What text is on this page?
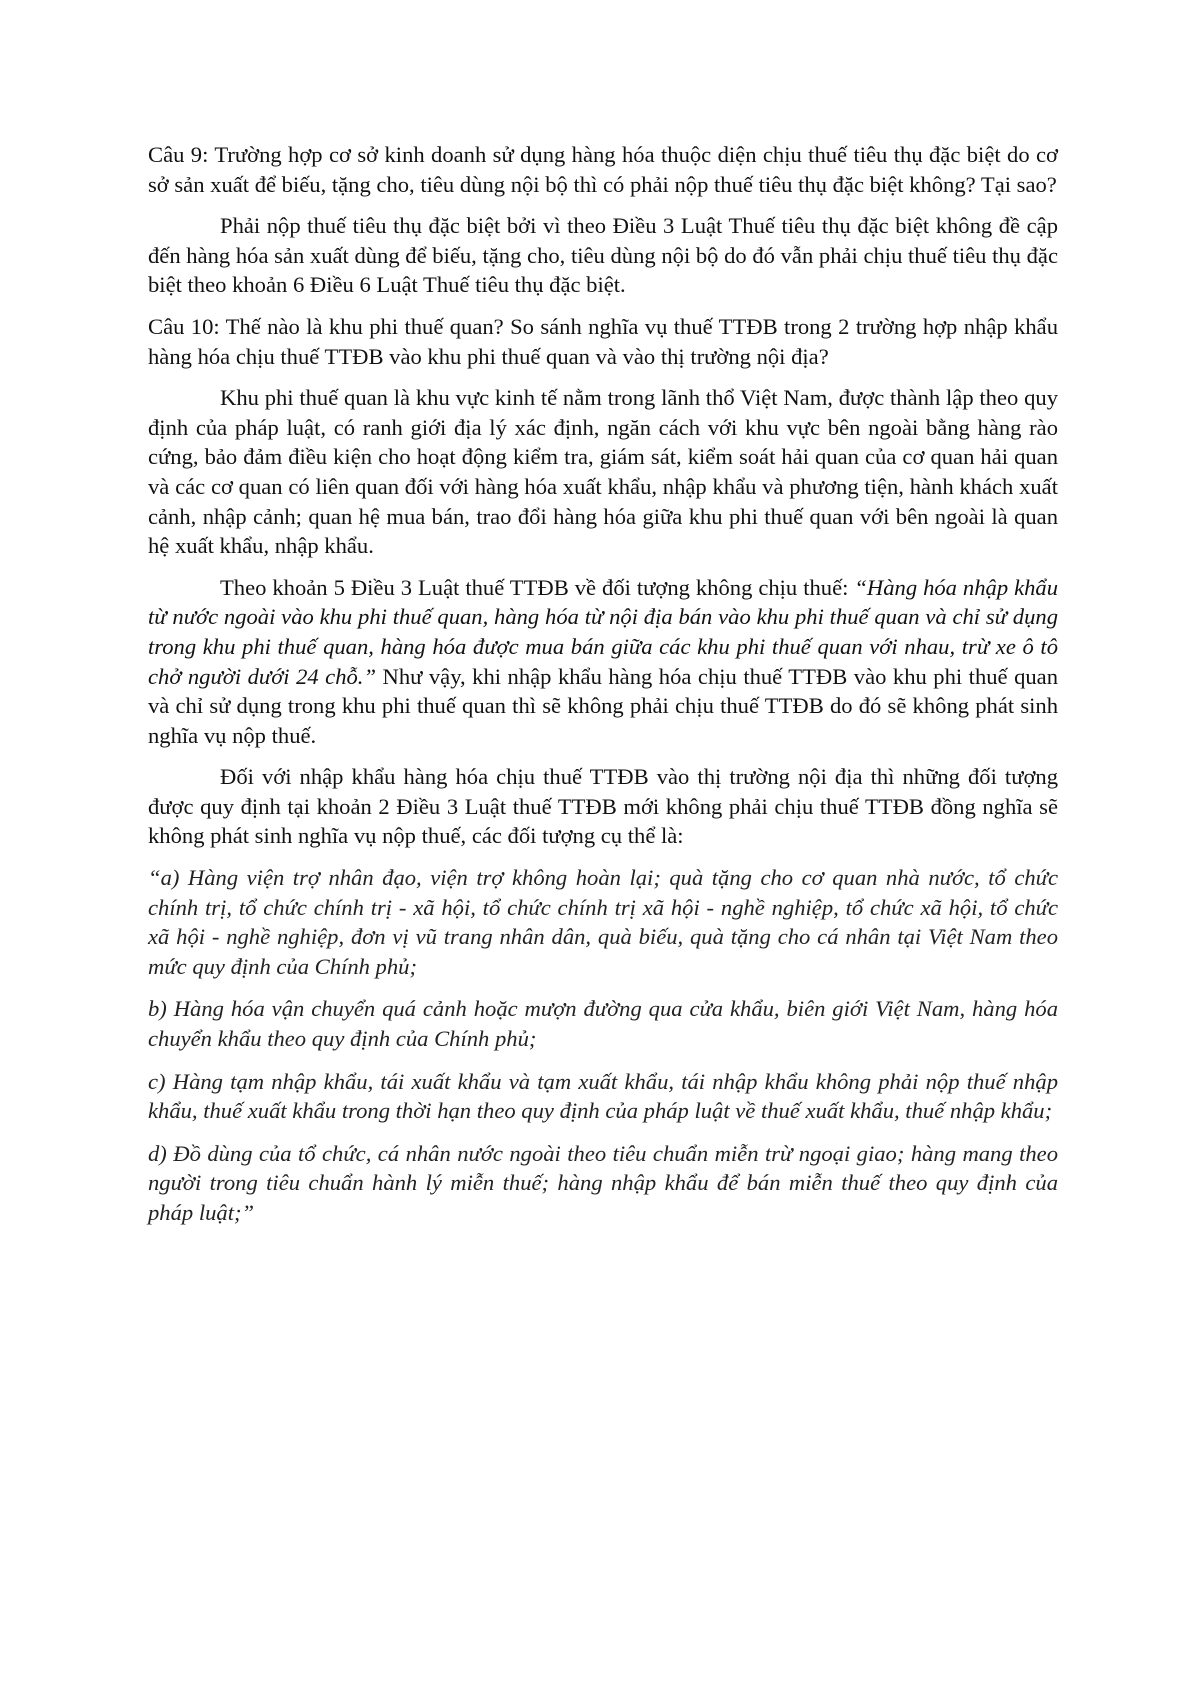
Câu 9: Trường hợp cơ sở kinh doanh sử dụng hàng hóa thuộc diện chịu thuế tiêu thụ đặc biệt do cơ sở sản xuất để biếu, tặng cho, tiêu dùng nội bộ thì có phải nộp thuế tiêu thụ đặc biệt không? Tại sao?

Phải nộp thuế tiêu thụ đặc biệt bởi vì theo Điều 3 Luật Thuế tiêu thụ đặc biệt không đề cập đến hàng hóa sản xuất dùng để biếu, tặng cho, tiêu dùng nội bộ do đó vẫn phải chịu thuế tiêu thụ đặc biệt theo khoản 6 Điều 6 Luật Thuế tiêu thụ đặc biệt.

Câu 10: Thế nào là khu phi thuế quan? So sánh nghĩa vụ thuế TTĐB trong 2 trường hợp nhập khẩu hàng hóa chịu thuế TTĐB vào khu phi thuế quan và vào thị trường nội địa?

Khu phi thuế quan là khu vực kinh tế nằm trong lãnh thổ Việt Nam, được thành lập theo quy định của pháp luật, có ranh giới địa lý xác định, ngăn cách với khu vực bên ngoài bằng hàng rào cứng, bảo đảm điều kiện cho hoạt động kiểm tra, giám sát, kiểm soát hải quan của cơ quan hải quan và các cơ quan có liên quan đối với hàng hóa xuất khẩu, nhập khẩu và phương tiện, hành khách xuất cảnh, nhập cảnh; quan hệ mua bán, trao đổi hàng hóa giữa khu phi thuế quan với bên ngoài là quan hệ xuất khẩu, nhập khẩu.

Theo khoản 5 Điều 3 Luật thuế TTĐB về đối tượng không chịu thuế: “Hàng hóa nhập khẩu từ nước ngoài vào khu phi thuế quan, hàng hóa từ nội địa bán vào khu phi thuế quan và chỉ sử dụng trong khu phi thuế quan, hàng hóa được mua bán giữa các khu phi thuế quan với nhau, trừ xe ô tô chở người dưới 24 chỗ.” Như vậy, khi nhập khẩu hàng hóa chịu thuế TTĐB vào khu phi thuế quan và chỉ sử dụng trong khu phi thuế quan thì sẽ không phải chịu thuế TTĐB do đó sẽ không phát sinh nghĩa vụ nộp thuế.

Đối với nhập khẩu hàng hóa chịu thuế TTĐB vào thị trường nội địa thì những đối tượng được quy định tại khoản 2 Điều 3 Luật thuế TTĐB mới không phải chịu thuế TTĐB đồng nghĩa sẽ không phát sinh nghĩa vụ nộp thuế, các đối tượng cụ thể là:

“a) Hàng viện trợ nhân đạo, viện trợ không hoàn lại; quà tặng cho cơ quan nhà nước, tổ chức chính trị, tổ chức chính trị - xã hội, tổ chức chính trị xã hội - nghề nghiệp, tổ chức xã hội, tổ chức xã hội - nghề nghiệp, đơn vị vũ trang nhân dân, quà biếu, quà tặng cho cá nhân tại Việt Nam theo mức quy định của Chính phủ;

b) Hàng hóa vận chuyển quá cảnh hoặc mượn đường qua cửa khẩu, biên giới Việt Nam, hàng hóa chuyển khẩu theo quy định của Chính phủ;

c) Hàng tạm nhập khẩu, tái xuất khẩu và tạm xuất khẩu, tái nhập khẩu không phải nộp thuế nhập khẩu, thuế xuất khẩu trong thời hạn theo quy định của pháp luật về thuế xuất khẩu, thuế nhập khẩu;

d) Đồ dùng của tổ chức, cá nhân nước ngoài theo tiêu chuẩn miễn trừ ngoại giao; hàng mang theo người trong tiêu chuẩn hành lý miễn thuế; hàng nhập khẩu để bán miễn thuế theo quy định của pháp luật;”
